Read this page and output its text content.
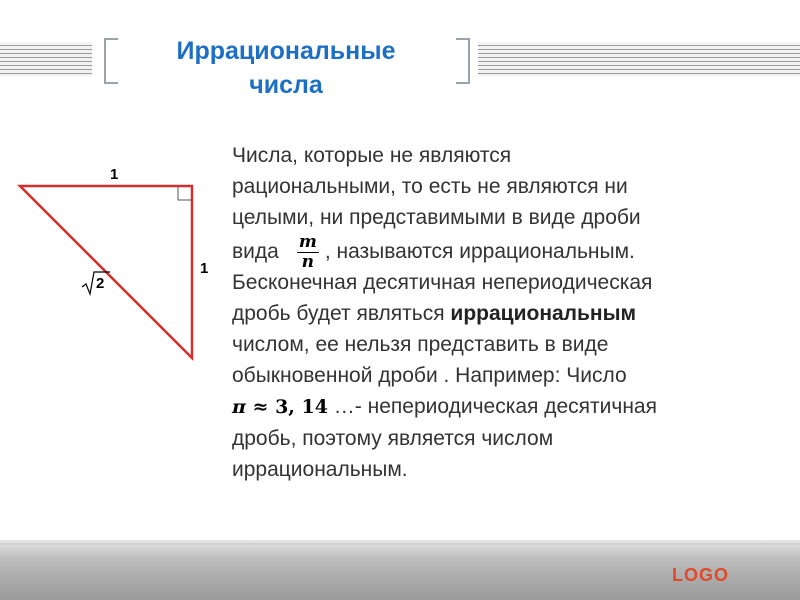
Иррациональные
числа
1
1
2
Числа, которые не являются
рациональными, то есть не являются ни
целыми, ни представимыми в виде дроби
вида $\frac{m}{n}$ , называются иррациональным.
Бесконечная десятичная непериодическая
дробь будет являться иррациональным
числом, ее нельзя представить в виде
обыкновенной дроби . Например: Число
π ≈ 3, 14 …- непериодическая десятичная
дробь, поэтому является числом
иррациональным.
LOGO
